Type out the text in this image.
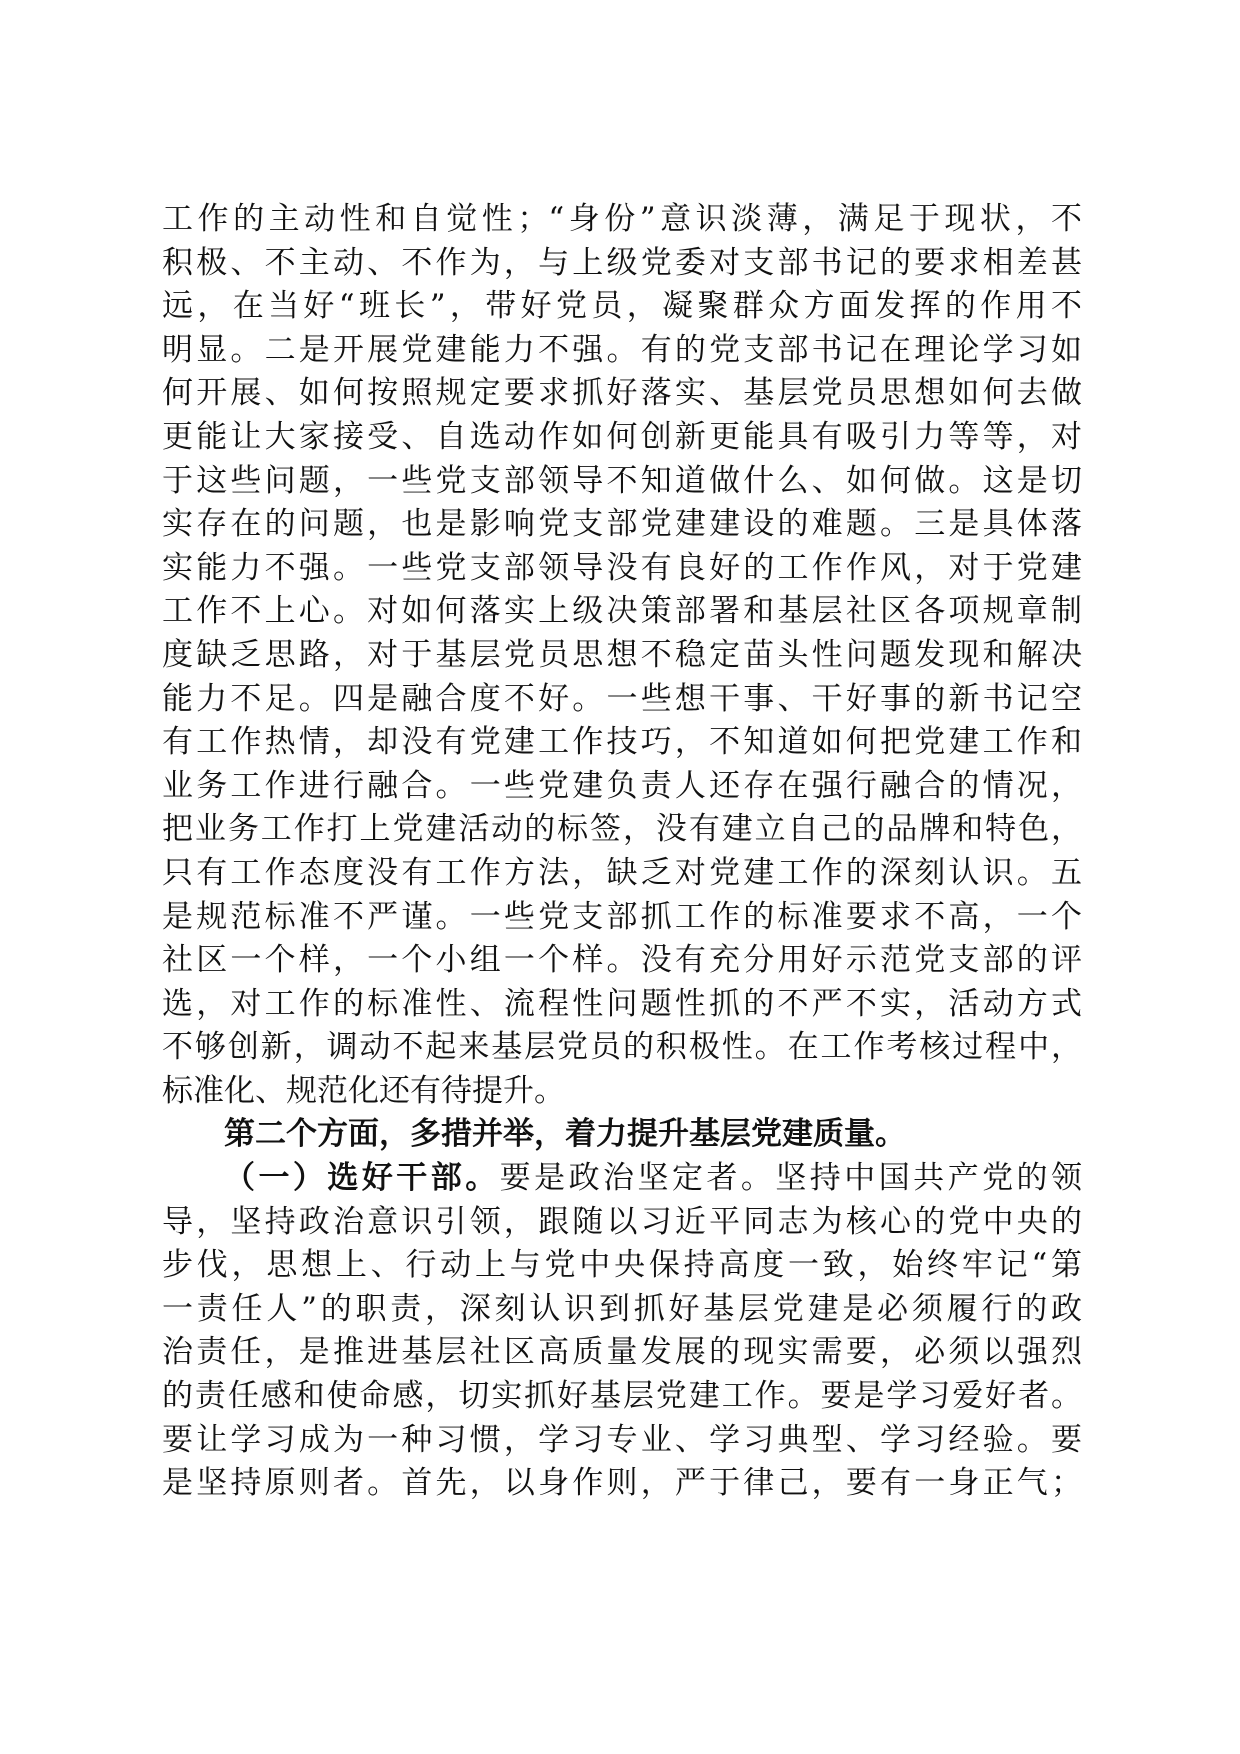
工作的主动性和自觉性；“身份”意识淡薄，满足于现状，不
积极、不主动、不作为，与上级党委对支部书记的要求相差甚
远，在当好“班长”，带好党员，凝聚群众方面发挥的作用不
明显。二是开展党建能力不强。有的党支部书记在理论学习如
何开展、如何按照规定要求抓好落实、基层党员思想如何去做
更能让大家接受、自选动作如何创新更能具有吸引力等等，对
于这些问题，一些党支部领导不知道做什么、如何做。这是切
实存在的问题，也是影响党支部党建建设的难题。三是具体落
实能力不强。一些党支部领导没有良好的工作作风，对于党建
工作不上心。对如何落实上级决策部署和基层社区各项规章制
度缺乏思路，对于基层党员思想不稳定苗头性问题发现和解决
能力不足。四是融合度不好。一些想干事、干好事的新书记空
有工作热情，却没有党建工作技巧，不知道如何把党建工作和
业务工作进行融合。一些党建负责人还存在强行融合的情况，
把业务工作打上党建活动的标签，没有建立自己的品牌和特色，
只有工作态度没有工作方法，缺乏对党建工作的深刻认识。五
是规范标准不严谨。一些党支部抓工作的标准要求不高，一个
社区一个样，一个小组一个样。没有充分用好示范党支部的评
选，对工作的标准性、流程性问题性抓的不严不实，活动方式
不够创新，调动不起来基层党员的积极性。在工作考核过程中，
标准化、规范化还有待提升。
第二个方面，多措并举，着力提升基层党建质量。
（一）选好干部。要是政治坚定者。坚持中国共产党的领
导，坚持政治意识引领，跟随以习近平同志为核心的党中央的
步伐，思想上、行动上与党中央保持高度一致，始终牢记“第
一责任人”的职责，深刻认识到抓好基层党建是必须履行的政
治责任，是推进基层社区高质量发展的现实需要，必须以强烈
的责任感和使命感，切实抓好基层党建工作。要是学习爱好者。
要让学习成为一种习惯，学习专业、学习典型、学习经验。要
是坚持原则者。首先，以身作则，严于律己，要有一身正气；
